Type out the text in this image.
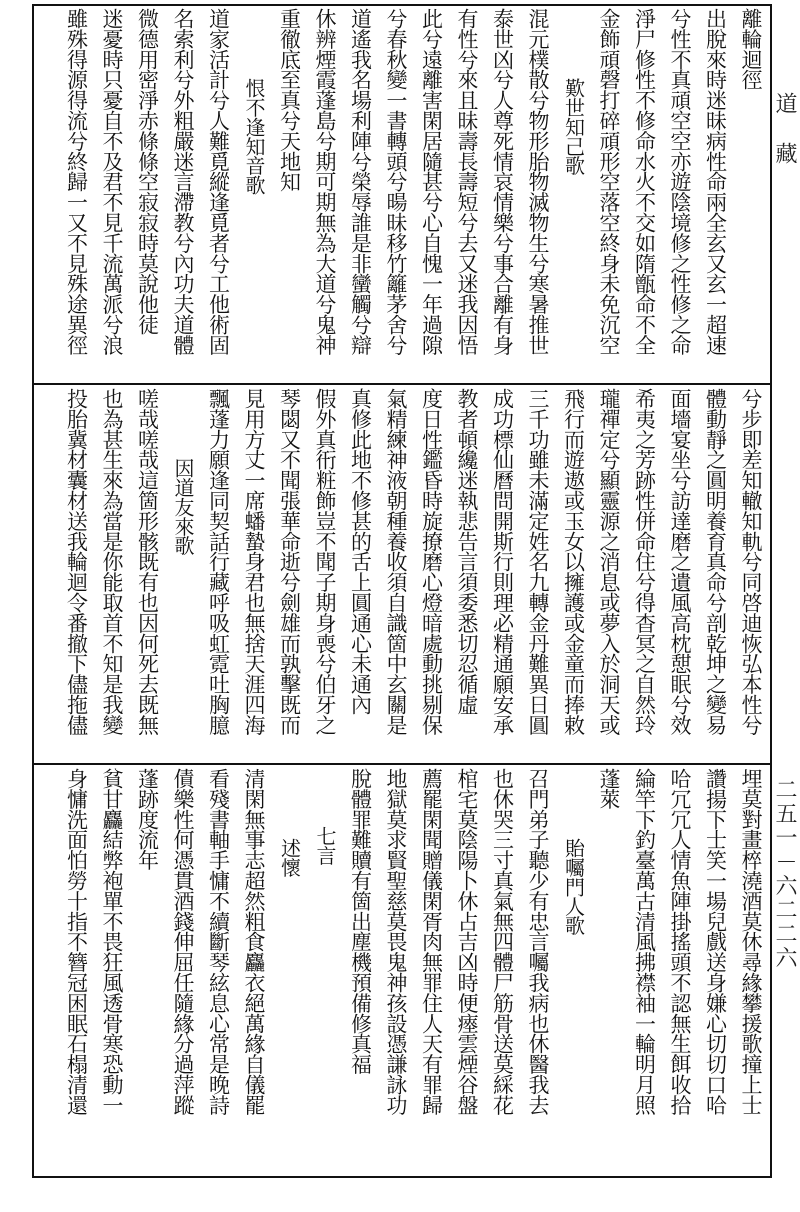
離輪迴徑
出脫來時迷昧病性命兩全玄又玄一超速
兮性不真頑空空亦遊陰境修之性修之命
淨尸修性不修命水火不交如隋甑命不全
金飾頑磬打碎頑形空落空終身未免沉空
歎世知己歌
混元樸散兮物形胎物滅物生兮寒暑推世
泰世凶兮人尊死情哀情樂兮事合離有身
有性兮來且昧壽長壽短兮去又迷我因悟
此兮遠離害閑居隨甚兮心自愧一年過隙
兮春秋變一書轉頭兮暘昧移竹籬茅舍兮
道遙我名場利陣兮榮辱誰是非蠻觸兮辯
休辨煙霞蓬島兮期可期無為大道兮鬼神
重徹底至真兮天地知
恨不逢知音歌
道家活計兮人難覓縱逢覓者兮工他術固
名索利兮外粗嚴迷言滯教兮內功夫道體
微德用密淨赤條條空寂寂時莫說他徒
迷憂時只憂自不及君不見千流萬派兮浪
雖殊得源得流兮終歸一又不見殊途異徑
兮步即差知轍知軌兮同啓迪恢弘本性兮
體動靜之圓明養育真命兮剖乾坤之變易
面墻宴坐兮訪達磨之遺風高枕憇眠兮效
希夷之芳跡性併命住兮得杳冥之自然玲
瓏禪定兮顯靈源之消息或夢入於洞天或
飛行而遊遨或玉女以擁護或金童而捧敕
三千功雖未滿定姓名九轉金丹難異日圓
成功標仙曆問開斯行則理必精通願安承
教者頓纔迷執悲告言須委悉切忍循虛
度日性鑑昏時旋撩磨心燈暗處動挑剔保
氣精練神液朝種養收須自識箇中玄關是
真修此地不修甚的舌上圓通心未通內
假外真衎粧飾豈不聞子期身喪兮伯牙之
琴閟又不聞張華命逝兮劍雄而孰擊既而
見用方丈一席蟠蟄身君也無捨天涯四海
飄蓬力願逢同契話行藏呼吸虹霓吐胸臆
因道友來歌
嗟哉嗟哉這箇形骸既有也因何死去既無
也為甚生來為當是你能取首不知是我變
投胎冀材囊材送我輪迴令番撤下儘拖儘
埋莫對畫椊澆酒莫休尋緣攀援歌撞上士
讚揚下士笑一場兒戲送身嫌心切切口哈
哈冗冗人情魚陣掛搖頭不認無生餌收拾
綸竿下釣臺萬古清風拂襟袖一輪明月照
蓬萊
貽囑門人歌
召門弟子聽少有忠言囑我病也休醫我去
也休哭三寸真氣無四體尸筋骨送莫綵花
棺宅莫陰陽卜休占吉凶時便瘞雲煙谷盤
薦罷閑聞贈儀閑胥肉無罪住人天有罪歸
地獄莫求賢聖慈莫畏鬼神孩設憑謙詠功
脫體罪難贖有箇出塵機預備修真福
七言
述懷
清閑無事志超然粗食麤衣絕萬緣自儀罷
看殘書軸手慵不續斷琴絃息心常是晚詩
債樂性何憑貫酒錢伸屈任隨緣分過萍蹤
蓬跡度流年
貧甘麤結弊袍單不畏狂風透骨寒恐動一
身慵洗面怕勞十指不簪冠困眠石榻清還
道藏
二五一－六二二六
